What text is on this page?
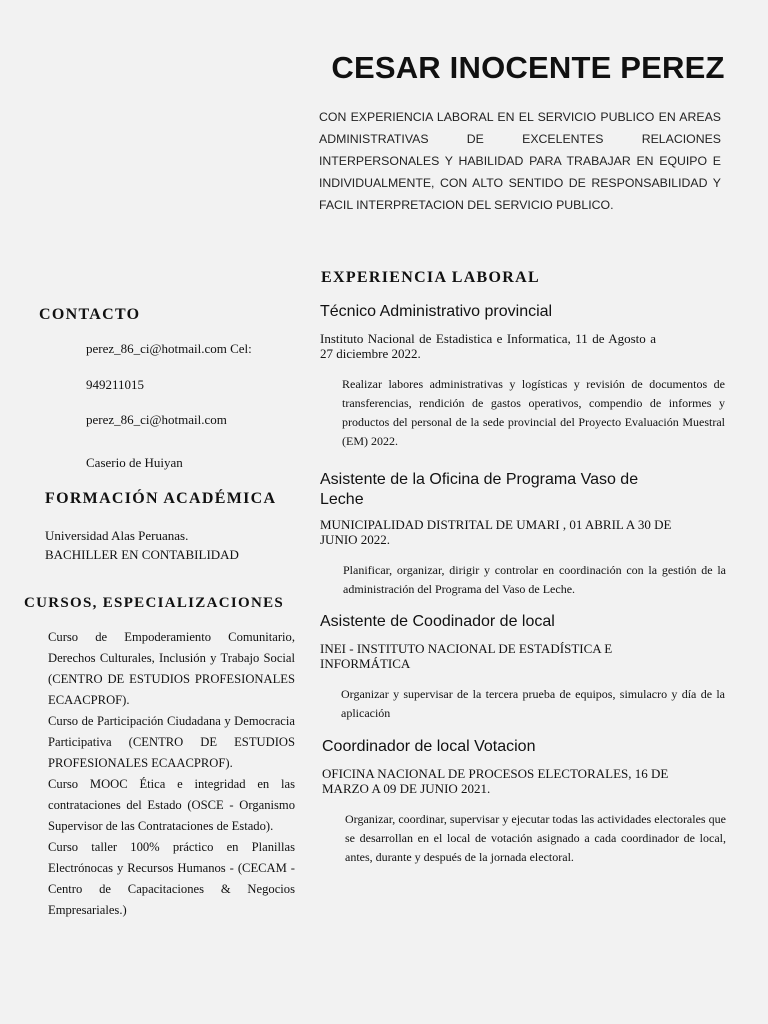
CESAR INOCENTE PEREZ
CON EXPERIENCIA LABORAL EN EL SERVICIO PUBLICO EN AREAS ADMINISTRATIVAS DE EXCELENTES RELACIONES INTERPERSONALES Y HABILIDAD PARA TRABAJAR EN EQUIPO E INDIVIDUALMENTE, CON ALTO SENTIDO DE RESPONSABILIDAD Y FACIL INTERPRETACION DEL SERVICIO PUBLICO.
EXPERIENCIA LABORAL
Técnico Administrativo provincial
Instituto Nacional de Estadistica e Informatica, 11 de Agosto a 27 diciembre 2022.
Realizar labores administrativas y logísticas y revisión de documentos de transferencias, rendición de gastos operativos, compendio de informes y productos del personal de la sede provincial del Proyecto Evaluación Muestral (EM) 2022.
Asistente de la Oficina de Programa Vaso de Leche
MUNICIPALIDAD DISTRITAL DE UMARI , 01 ABRIL A 30 DE JUNIO 2022.
Planificar, organizar, dirigir y controlar en coordinación con la gestión de la administración del Programa del Vaso de Leche.
Asistente de Coodinador de local
INEI - INSTITUTO NACIONAL DE ESTADÍSTICA E INFORMÁTICA
Organizar y supervisar de la tercera prueba de equipos, simulacro y día de la aplicación
Coordinador de local Votacion
OFICINA NACIONAL DE PROCESOS ELECTORALES, 16 DE MARZO A 09 DE JUNIO 2021.
Organizar, coordinar, supervisar y ejecutar todas las actividades electorales que se desarrollan en el local de votación asignado a cada coordinador de local, antes, durante y después de la jornada electoral.
CONTACTO
perez_86_ci@hotmail.com Cel:
949211015
perez_86_ci@hotmail.com
Caserio de Huiyan
FORMACIÓN ACADÉMICA
Universidad Alas Peruanas.
BACHILLER EN CONTABILIDAD
CURSOS, ESPECIALIZACIONES

Curso de Empoderamiento Comunitario, Derechos Culturales, Inclusión y Trabajo Social (CENTRO DE ESTUDIOS PROFESIONALES ECAACPROF).

Curso de Participación Ciudadana y Democracia Participativa (CENTRO DE ESTUDIOS PROFESIONALES ECAACPROF).

Curso MOOC Ética e integridad en las contrataciones del Estado (OSCE - Organismo Supervisor de las Contrataciones de Estado).

Curso taller 100% práctico en Planillas Electrónocas y Recursos Humanos - (CECAM - Centro de Capacitaciones & Negocios Empresariales.)
